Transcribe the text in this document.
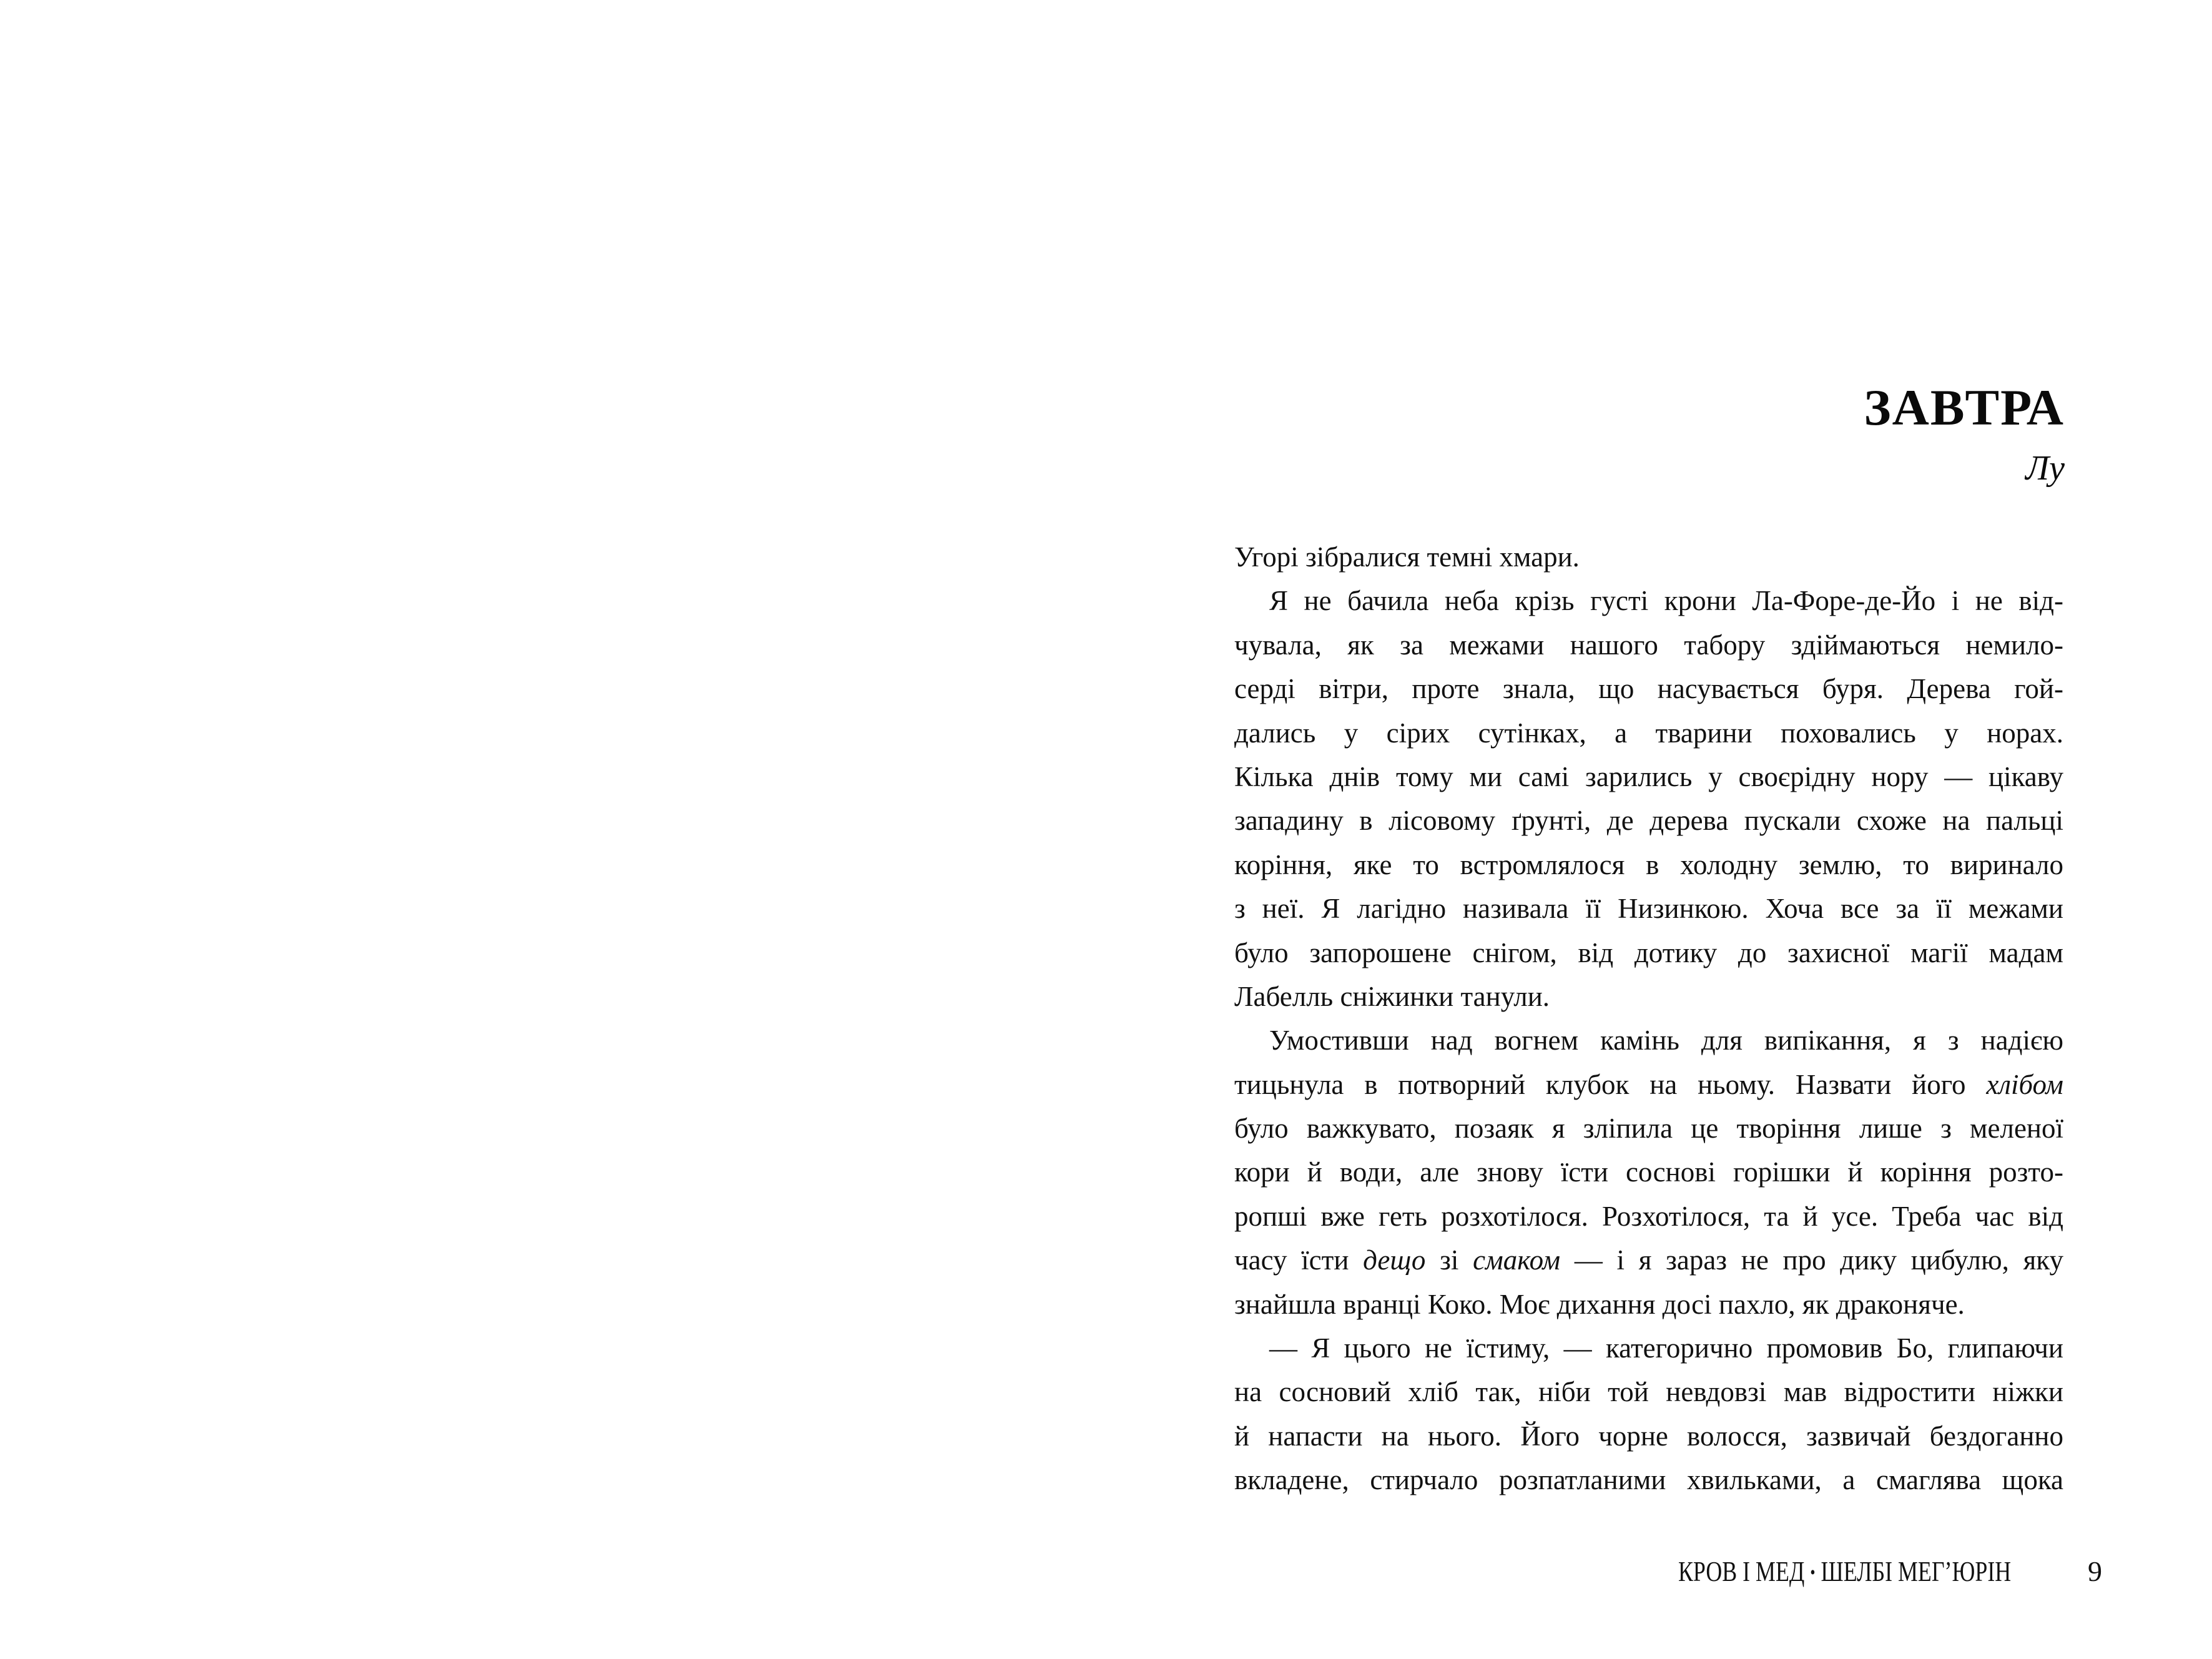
ЗАВТРА
Лу
Угорі зібралися темні хмари.
Я не бачила неба крізь густі крони Ла-Форе-де-Йо і не від-
чувала, як за межами нашого табору здіймаються немило-
серді вітри, проте знала, що насувається буря. Дерева гой-
дались у сірих сутінках, а тварини поховались у норах.
Кілька днів тому ми самі зарились у своєрідну нору — цікаву
западину в лісовому ґрунті, де дерева пускали схоже на пальці
коріння, яке то встромлялося в холодну землю, то виринало
з неї. Я лагідно називала її Низинкою. Хоча все за її межами
було запорошене снігом, від дотику до захисної магії мадам
Лабелль сніжинки танули.
Умостивши над вогнем камінь для випікання, я з надією
тицьнула в потворний клубок на ньому. Назвати його хлібом
було важкувато, позаяк я зліпила це творіння лише з меленої
кори й води, але знову їсти соснові горішки й коріння розто-
ропші вже геть розхотілося. Розхотілося, та й усе. Треба час від
часу їсти дещо зі смаком — і я зараз не про дику цибулю, яку
знайшла вранці Коко. Моє дихання досі пахло, як драконяче.
— Я цього не їстиму, — категорично промовив Бо, глипаючи
на сосновий хліб так, ніби той невдовзі мав відростити ніжки
й напасти на нього. Його чорне волосся, зазвичай бездоганно
вкладене, стирчало розпатланими хвильками, а смаглява щока
КРОВ І МЕД • ШЕЛБІ МЕГ’ЮРІН	9
